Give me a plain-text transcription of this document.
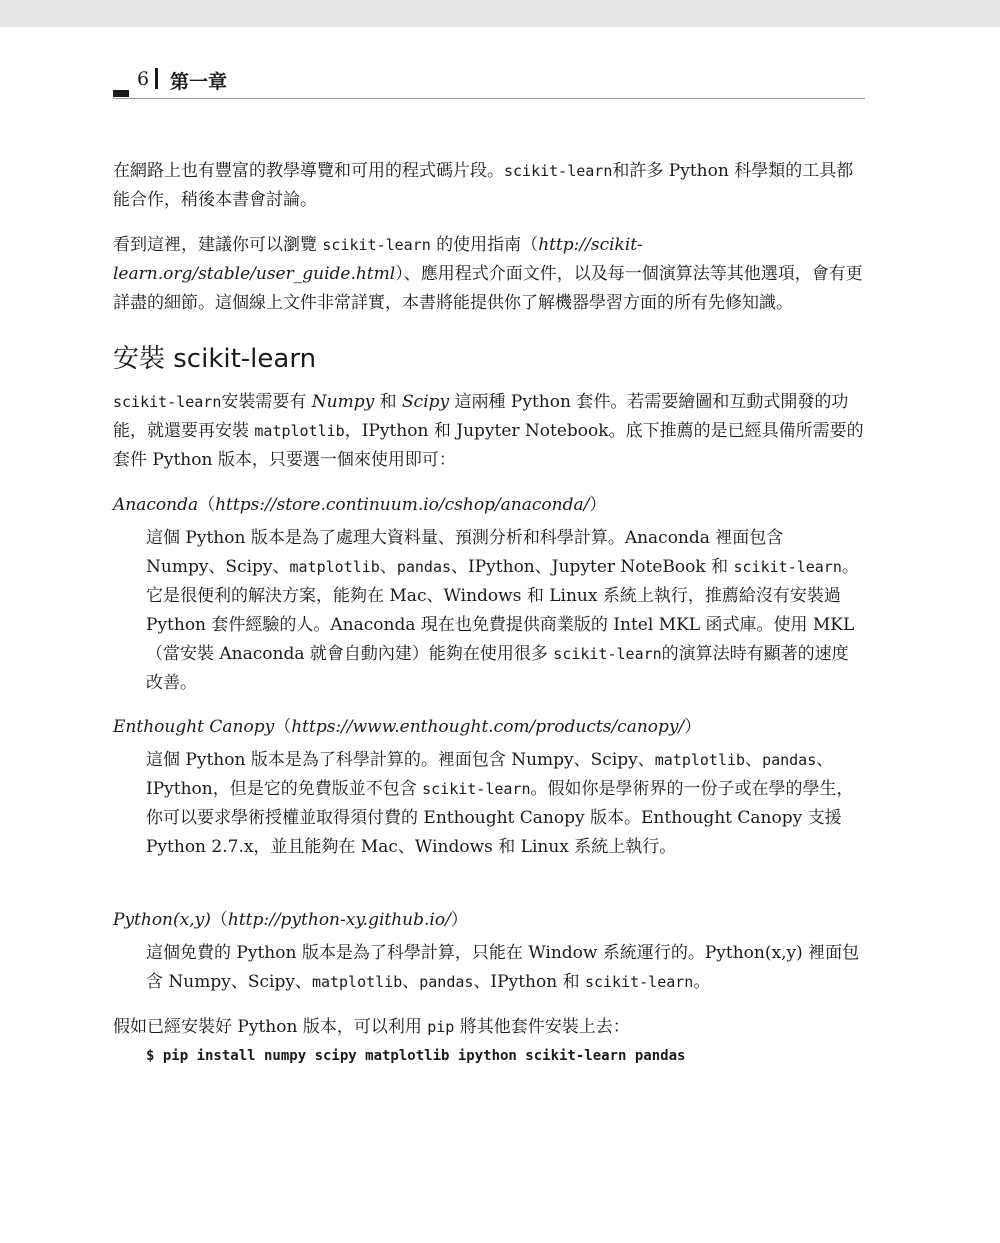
6 第一章

在網路上也有豐富的教學導覽和可用的程式碼片段。scikit-learn和許多 Python 科學類的工具都能合作，稍後本書會討論。

看到這裡，建議你可以瀏覽 scikit-learn 的使用指南（http://scikit-learn.org/stable/user_guide.html）、應用程式介面文件，以及每一個演算法等其他選項，會有更詳盡的細節。這個線上文件非常詳實，本書將能提供你了解機器學習方面的所有先修知識。

安裝 scikit-learn

scikit-learn安裝需要有 Numpy 和 Scipy 這兩種 Python 套件。若需要繪圖和互動式開發的功能，就還要再安裝 matplotlib，IPython 和 Jupyter Notebook。底下推薦的是已經具備所需要的套件 Python 版本，只要選一個來使用即可：

Anaconda（https://store.continuum.io/cshop/anaconda/）

這個 Python 版本是為了處理大資料量、預測分析和科學計算。Anaconda 裡面包含 Numpy、Scipy、matplotlib、pandas、IPython、Jupyter NoteBook 和 scikit-learn。它是很便利的解決方案，能夠在 Mac、Windows 和 Linux 系統上執行，推薦給沒有安裝過 Python 套件經驗的人。Anaconda 現在也免費提供商業版的 Intel MKL 函式庫。使用 MKL（當安裝 Anaconda 就會自動內建）能夠在使用很多 scikit-learn的演算法時有顯著的速度改善。

Enthought Canopy（https://www.enthought.com/products/canopy/）

這個 Python 版本是為了科學計算的。裡面包含 Numpy、Scipy、matplotlib、pandas、IPython，但是它的免費版並不包含 scikit-learn。假如你是學術界的一份子或在學的學生，你可以要求學術授權並取得須付費的 Enthought Canopy 版本。Enthought Canopy 支援 Python 2.7.x，並且能夠在 Mac、Windows 和 Linux 系統上執行。

Python(x,y)（http://python-xy.github.io/）

這個免費的 Python 版本是為了科學計算，只能在 Window 系統運行的。Python(x,y) 裡面包含 Numpy、Scipy、matplotlib、pandas、IPython 和 scikit-learn。

假如已經安裝好 Python 版本，可以利用 pip 將其他套件安裝上去：

$ pip install numpy scipy matplotlib ipython scikit-learn pandas
